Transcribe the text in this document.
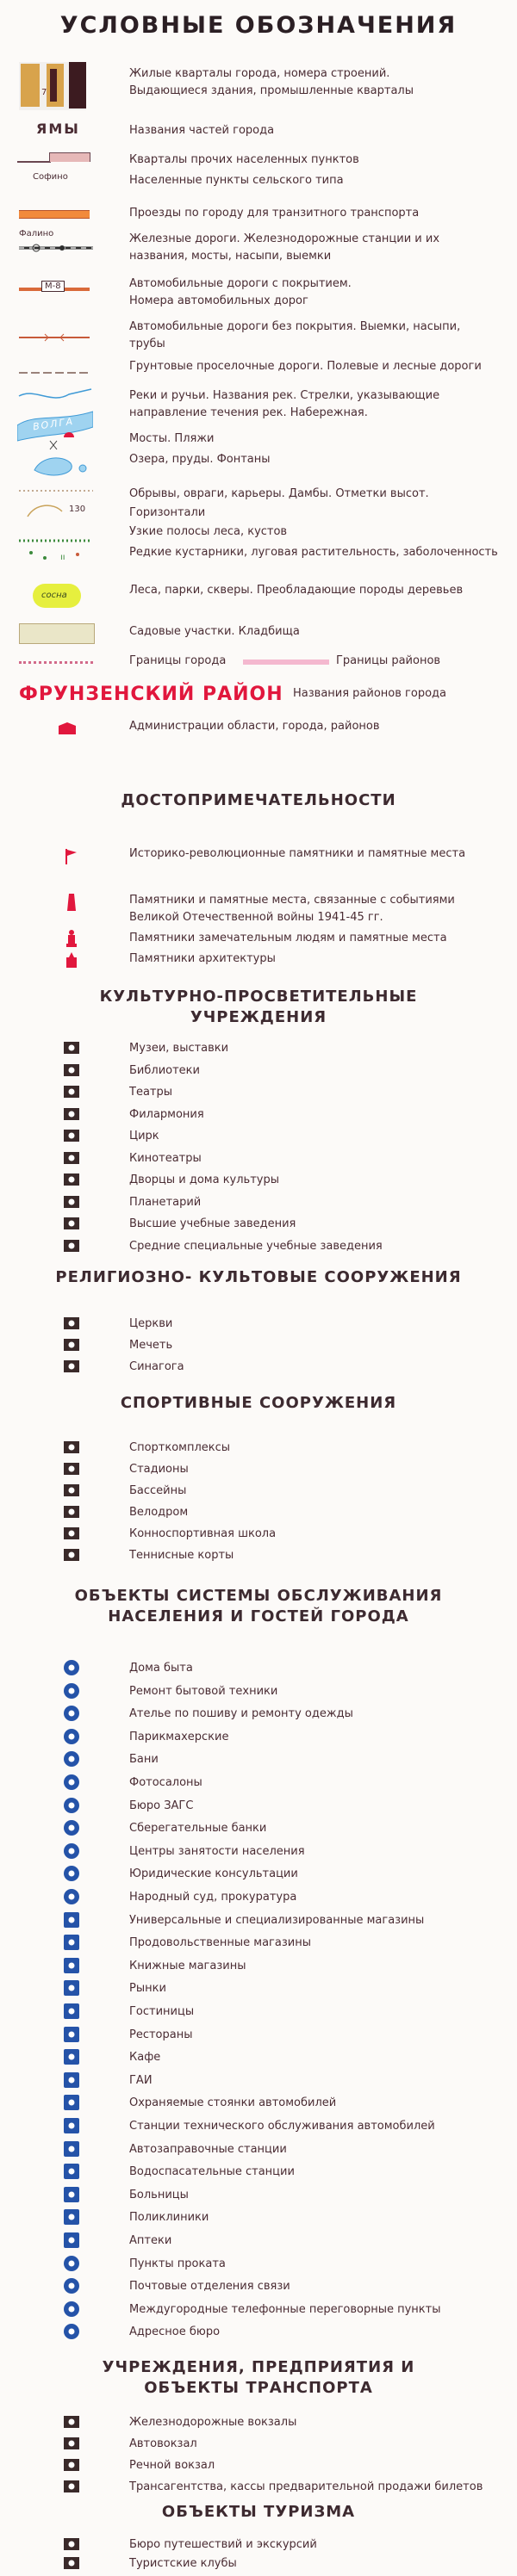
УСЛОВНЫЕ ОБОЗНАЧЕНИЯ
7
Жилые кварталы города, номера строений.
Выдающиеся здания, промышленные кварталы
ЯМЫ	Названия частей города
Кварталы прочих населенных пунктов
Софино	Населенные пункты сельского типа
Проезды по городу для транзитного транспорта
Фалино	Железные дороги. Железнодорожные станции и их названия, мосты, насыпи, выемки
М-8	Автомобильные дороги с покрытием.
Номера автомобильных дорог
Автомобильные дороги без покрытия. Выемки, насыпи, трубы
Грунтовые проселочные дороги. Полевые и лесные дороги
ВОЛГА
Реки и ручьи. Названия рек. Стрелки, указывающие направление течения рек. Набережная.
Мосты. Пляжи
Озера, пруды. Фонтаны
130
Обрывы, овраги, карьеры. Дамбы. Отметки высот.
Горизонтали
Узкие полосы леса, кустов
ıı	Редкие кустарники, луговая растительность, заболоченность
сосна	Леса, парки, скверы. Преобладающие породы деревьев
Садовые участки. Кладбища
Границы города	Границы районов
ФРУНЗЕНСКИЙ РАЙОН Названия районов города
Администрации области, города, районов
ДОСТОПРИМЕЧАТЕЛЬНОСТИ
Историко-революционные памятники и памятные места
Памятники и памятные места, связанные с событиями Великой Отечественной войны 1941-45 гг.
Памятники замечательным людям и памятные места
Памятники архитектуры
КУЛЬТУРНО-ПРОСВЕТИТЕЛЬНЫЕ УЧРЕЖДЕНИЯ
Музеи, выставки
Библиотеки
Театры
Филармония
Цирк
Кинотеатры
Дворцы и дома культуры
Планетарий
Высшие учебные заведения
Средние специальные учебные заведения
РЕЛИГИОЗНО- КУЛЬТОВЫЕ СООРУЖЕНИЯ
Церкви
Мечеть
Синагога
СПОРТИВНЫЕ СООРУЖЕНИЯ
Спорткомплексы
Стадионы
Бассейны
Велодром
Конноспортивная школа
Теннисные корты
ОБЪЕКТЫ СИСТЕМЫ ОБСЛУЖИВАНИЯ
НАСЕЛЕНИЯ И ГОСТЕЙ ГОРОДА
Дома быта
Ремонт бытовой техники
Ателье по пошиву и ремонту одежды
Парикмахерские
Бани
Фотосалоны
Бюро ЗАГС
Сберегательные банки
Центры занятости населения
Юридические консультации
Народный суд, прокуратура
Универсальные и специализированные магазины
Продовольственные магазины
Книжные магазины
Рынки
Гостиницы
Рестораны
Кафе
ГАИ
Охраняемые стоянки автомобилей
Станции технического обслуживания автомобилей
Автозаправочные станции
Водоспасательные станции
Больницы
Поликлиники
Аптеки
Пункты проката
Почтовые отделения связи
Междугородные телефонные переговорные пункты
Адресное бюро
УЧРЕЖДЕНИЯ, ПРЕДПРИЯТИЯ И
ОБЪЕКТЫ ТРАНСПОРТА
Железнодорожные вокзалы
Автовокзал
Речной вокзал
Трансагентства, кассы предварительной продажи билетов
ОБЪЕКТЫ ТУРИЗМА
Бюро путешествий и экскурсий
Туристские клубы
